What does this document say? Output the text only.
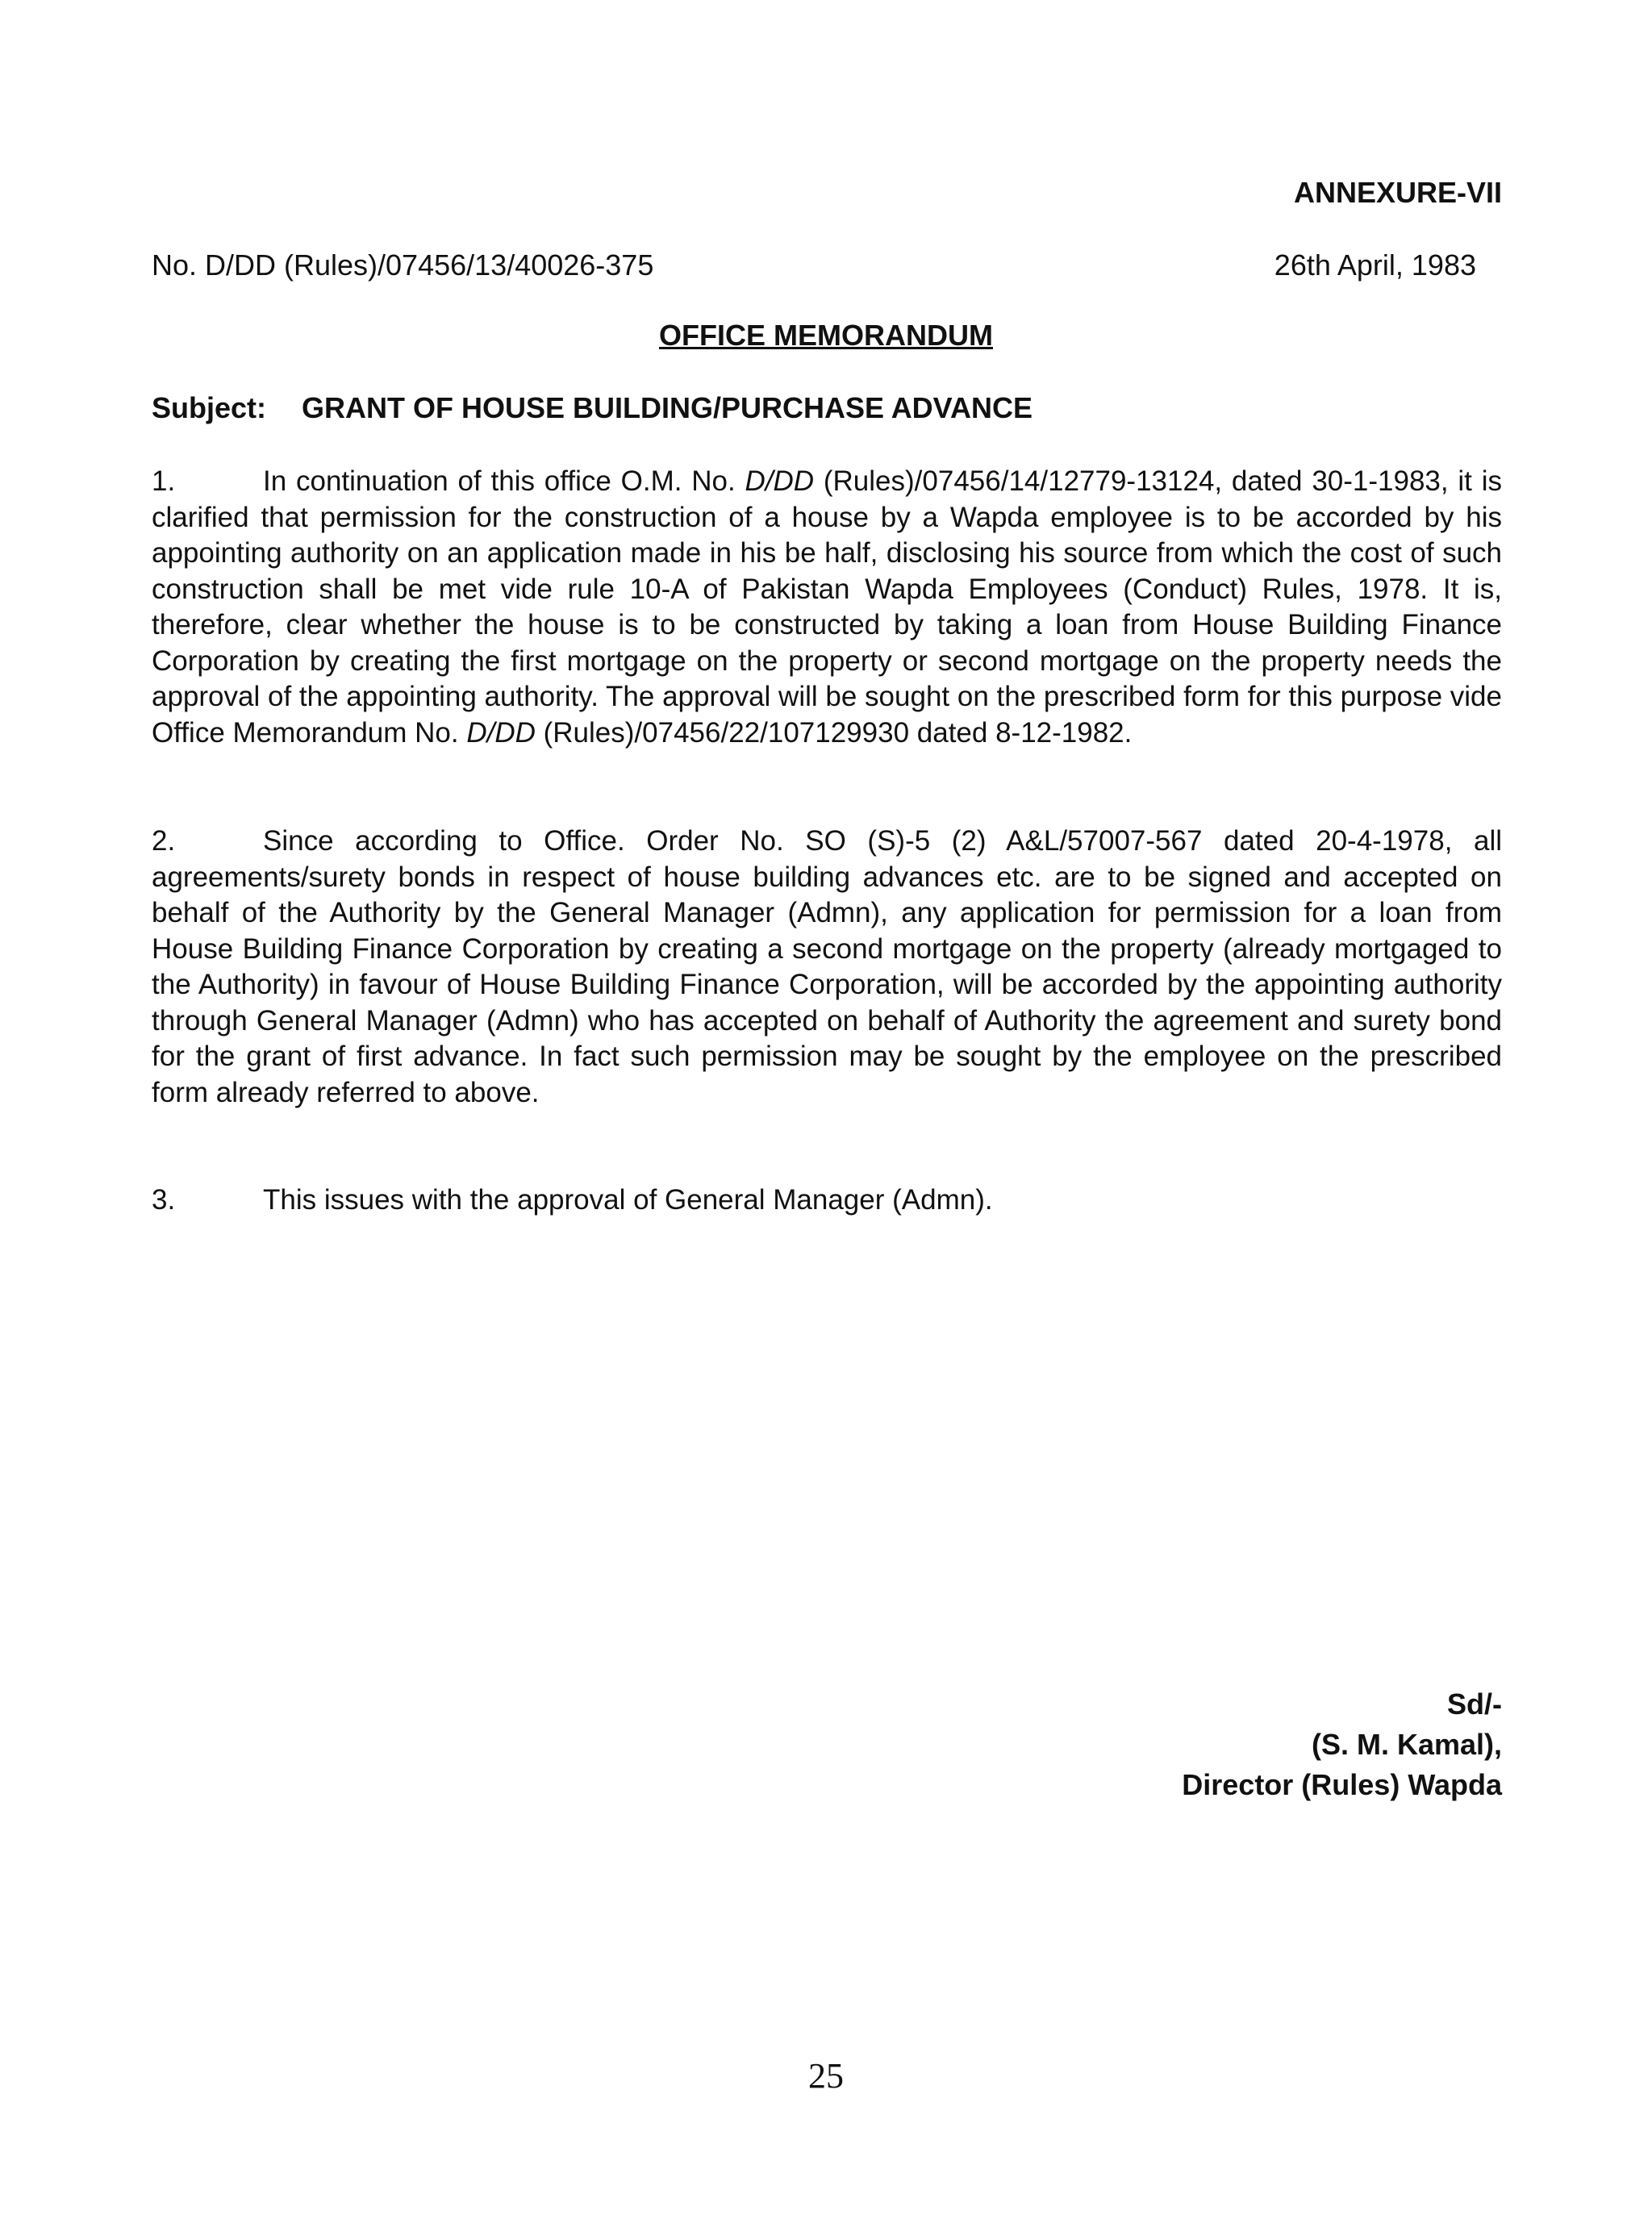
ANNEXURE-VII
No. D/DD (Rules)/07456/13/40026-375	26th April, 1983
OFFICE MEMORANDUM
Subject: GRANT OF HOUSE BUILDING/PURCHASE ADVANCE
1.	In continuation of this office O.M. No. D/DD (Rules)/07456/14/12779-13124, dated 30-1-1983, it is clarified that permission for the construction of a house by a Wapda employee is to be accorded by his appointing authority on an application made in his be half, disclosing his source from which the cost of such construction shall be met vide rule 10-A of Pakistan Wapda Employees (Conduct) Rules, 1978. It is, therefore, clear whether the house is to be constructed by taking a loan from House Building Finance Corporation by creating the first mortgage on the property or second mortgage on the property needs the approval of the appointing authority. The approval will be sought on the prescribed form for this purpose vide Office Memorandum No. D/DD (Rules)/07456/22/107129930 dated 8-12-1982.
2.	Since according to Office. Order No. SO (S)-5 (2) A&L/57007-567 dated 20-4-1978, all agreements/surety bonds in respect of house building advances etc. are to be signed and accepted on behalf of the Authority by the General Manager (Admn), any application for permission for a loan from House Building Finance Corporation by creating a second mortgage on the property (already mortgaged to the Authority) in favour of House Building Finance Corporation, will be accorded by the appointing authority through General Manager (Admn) who has accepted on behalf of Authority the agreement and surety bond for the grant of first advance. In fact such permission may be sought by the employee on the prescribed form already referred to above.
3.	This issues with the approval of General Manager (Admn).
Sd/-
(S. M. Kamal),
Director (Rules) Wapda
25
